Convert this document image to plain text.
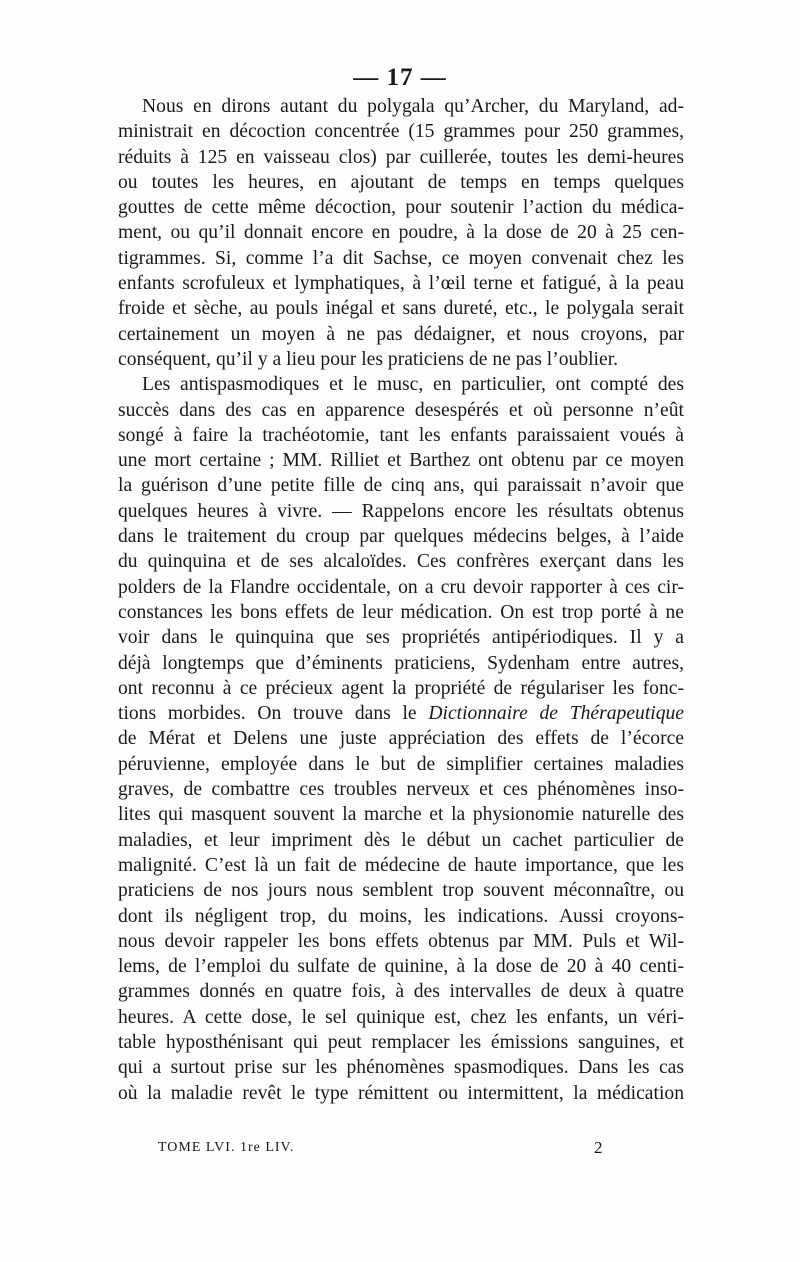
— 17 —
Nous en dirons autant du polygala qu’Archer, du Maryland, ad-
ministrait en décoction concentrée (15 grammes pour 250 grammes,
réduits à 125 en vaisseau clos) par cuillerée, toutes les demi-heures
ou toutes les heures, en ajoutant de temps en temps quelques
gouttes de cette même décoction, pour soutenir l’action du médica-
ment, ou qu’il donnait encore en poudre, à la dose de 20 à 25 cen-
tigrammes. Si, comme l’a dit Sachse, ce moyen convenait chez les
enfants scrofuleux et lymphatiques, à l’œil terne et fatigué, à la peau
froide et sèche, au pouls inégal et sans dureté, etc., le polygala serait
certainement un moyen à ne pas dédaigner, et nous croyons, par
conséquent, qu’il y a lieu pour les praticiens de ne pas l’oublier.
Les antispasmodiques et le musc, en particulier, ont compté des
succès dans des cas en apparence desespérés et où personne n’eût
songé à faire la trachéotomie, tant les enfants paraissaient voués à
une mort certaine ; MM. Rilliet et Barthez ont obtenu par ce moyen
la guérison d’une petite fille de cinq ans, qui paraissait n’avoir que
quelques heures à vivre. — Rappelons encore les résultats obtenus
dans le traitement du croup par quelques médecins belges, à l’aide
du quinquina et de ses alcaloïdes. Ces confrères exerçant dans les
polders de la Flandre occidentale, on a cru devoir rapporter à ces cir-
constances les bons effets de leur médication. On est trop porté à ne
voir dans le quinquina que ses propriétés antipériodiques. Il y a
déjà longtemps que d’éminents praticiens, Sydenham entre autres,
ont reconnu à ce précieux agent la propriété de régulariser les fonc-
tions morbides. On trouve dans le Dictionnaire de Thérapeutique
de Mérat et Delens une juste appréciation des effets de l’écorce
péruvienne, employée dans le but de simplifier certaines maladies
graves, de combattre ces troubles nerveux et ces phénomènes inso-
lites qui masquent souvent la marche et la physionomie naturelle des
maladies, et leur impriment dès le début un cachet particulier de
malignité. C’est là un fait de médecine de haute importance, que les
praticiens de nos jours nous semblent trop souvent méconnaître, ou
dont ils négligent trop, du moins, les indications. Aussi croyons-
nous devoir rappeler les bons effets obtenus par MM. Puls et Wil-
lems, de l’emploi du sulfate de quinine, à la dose de 20 à 40 centi-
grammes donnés en quatre fois, à des intervalles de deux à quatre
heures. A cette dose, le sel quinique est, chez les enfants, un véri-
table hyposthénisant qui peut remplacer les émissions sanguines, et
qui a surtout prise sur les phénomènes spasmodiques. Dans les cas
où la maladie revêt le type rémittent ou intermittent, la médication
TOME LVI. 1re LIV.	2
